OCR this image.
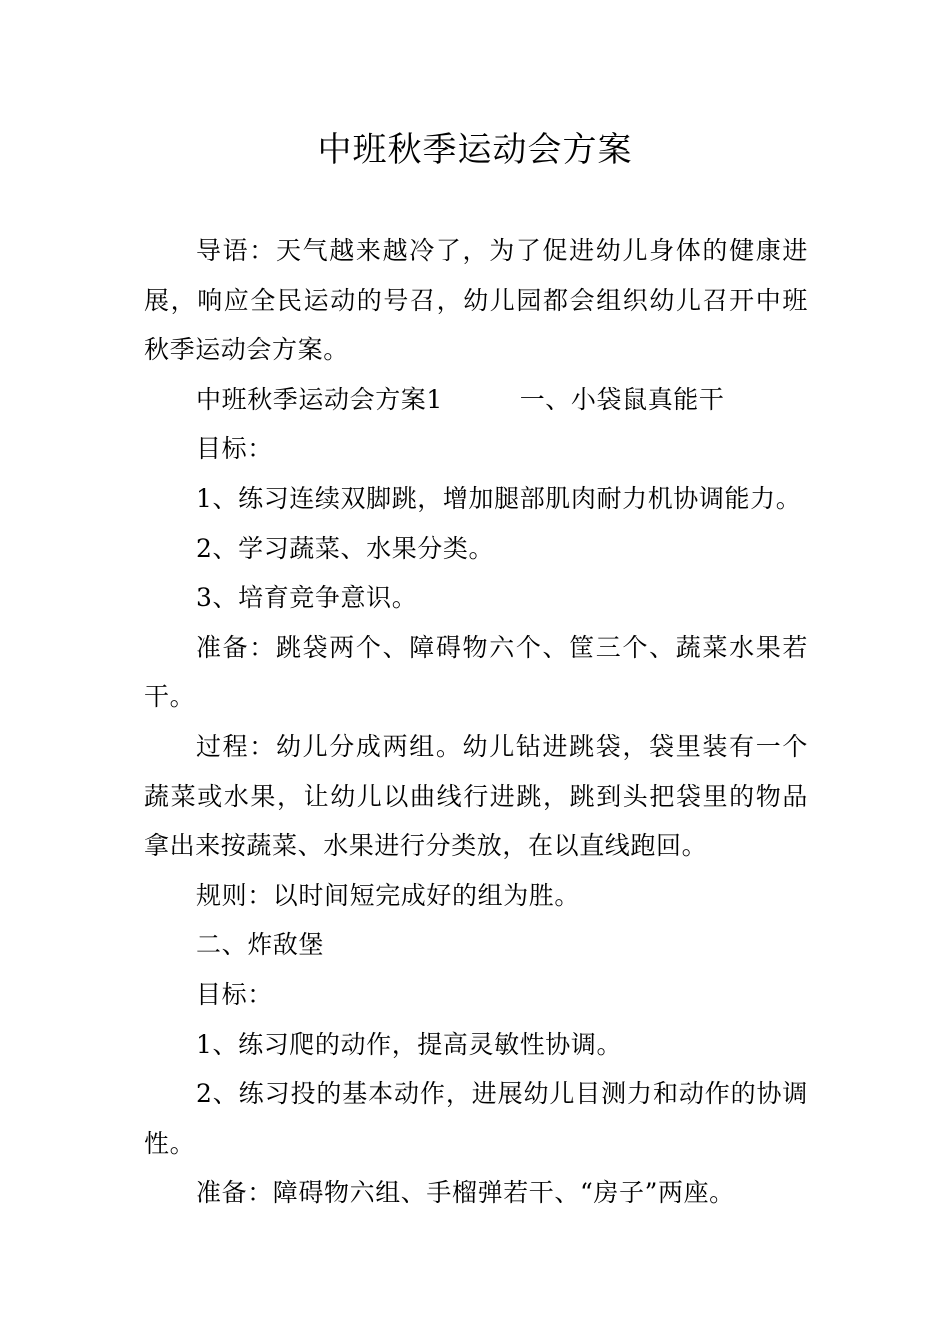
中班秋季运动会方案

导语：天气越来越冷了，为了促进幼儿身体的健康进展，响应全民运动的号召，幼儿园都会组织幼儿召开中班秋季运动会方案。

中班秋季运动会方案1　　　一、小袋鼠真能干

目标：

1、练习连续双脚跳，增加腿部肌肉耐力机协调能力。

2、学习蔬菜、水果分类。

3、培育竞争意识。

准备：跳袋两个、障碍物六个、筐三个、蔬菜水果若干。

过程：幼儿分成两组。幼儿钻进跳袋，袋里装有一个蔬菜或水果，让幼儿以曲线行进跳，跳到头把袋里的物品拿出来按蔬菜、水果进行分类放，在以直线跑回。

规则：以时间短完成好的组为胜。

二、炸敌堡

目标：

1、练习爬的动作，提高灵敏性协调。

2、练习投的基本动作，进展幼儿目测力和动作的协调性。

准备：障碍物六组、手榴弹若干、“房子”两座。
